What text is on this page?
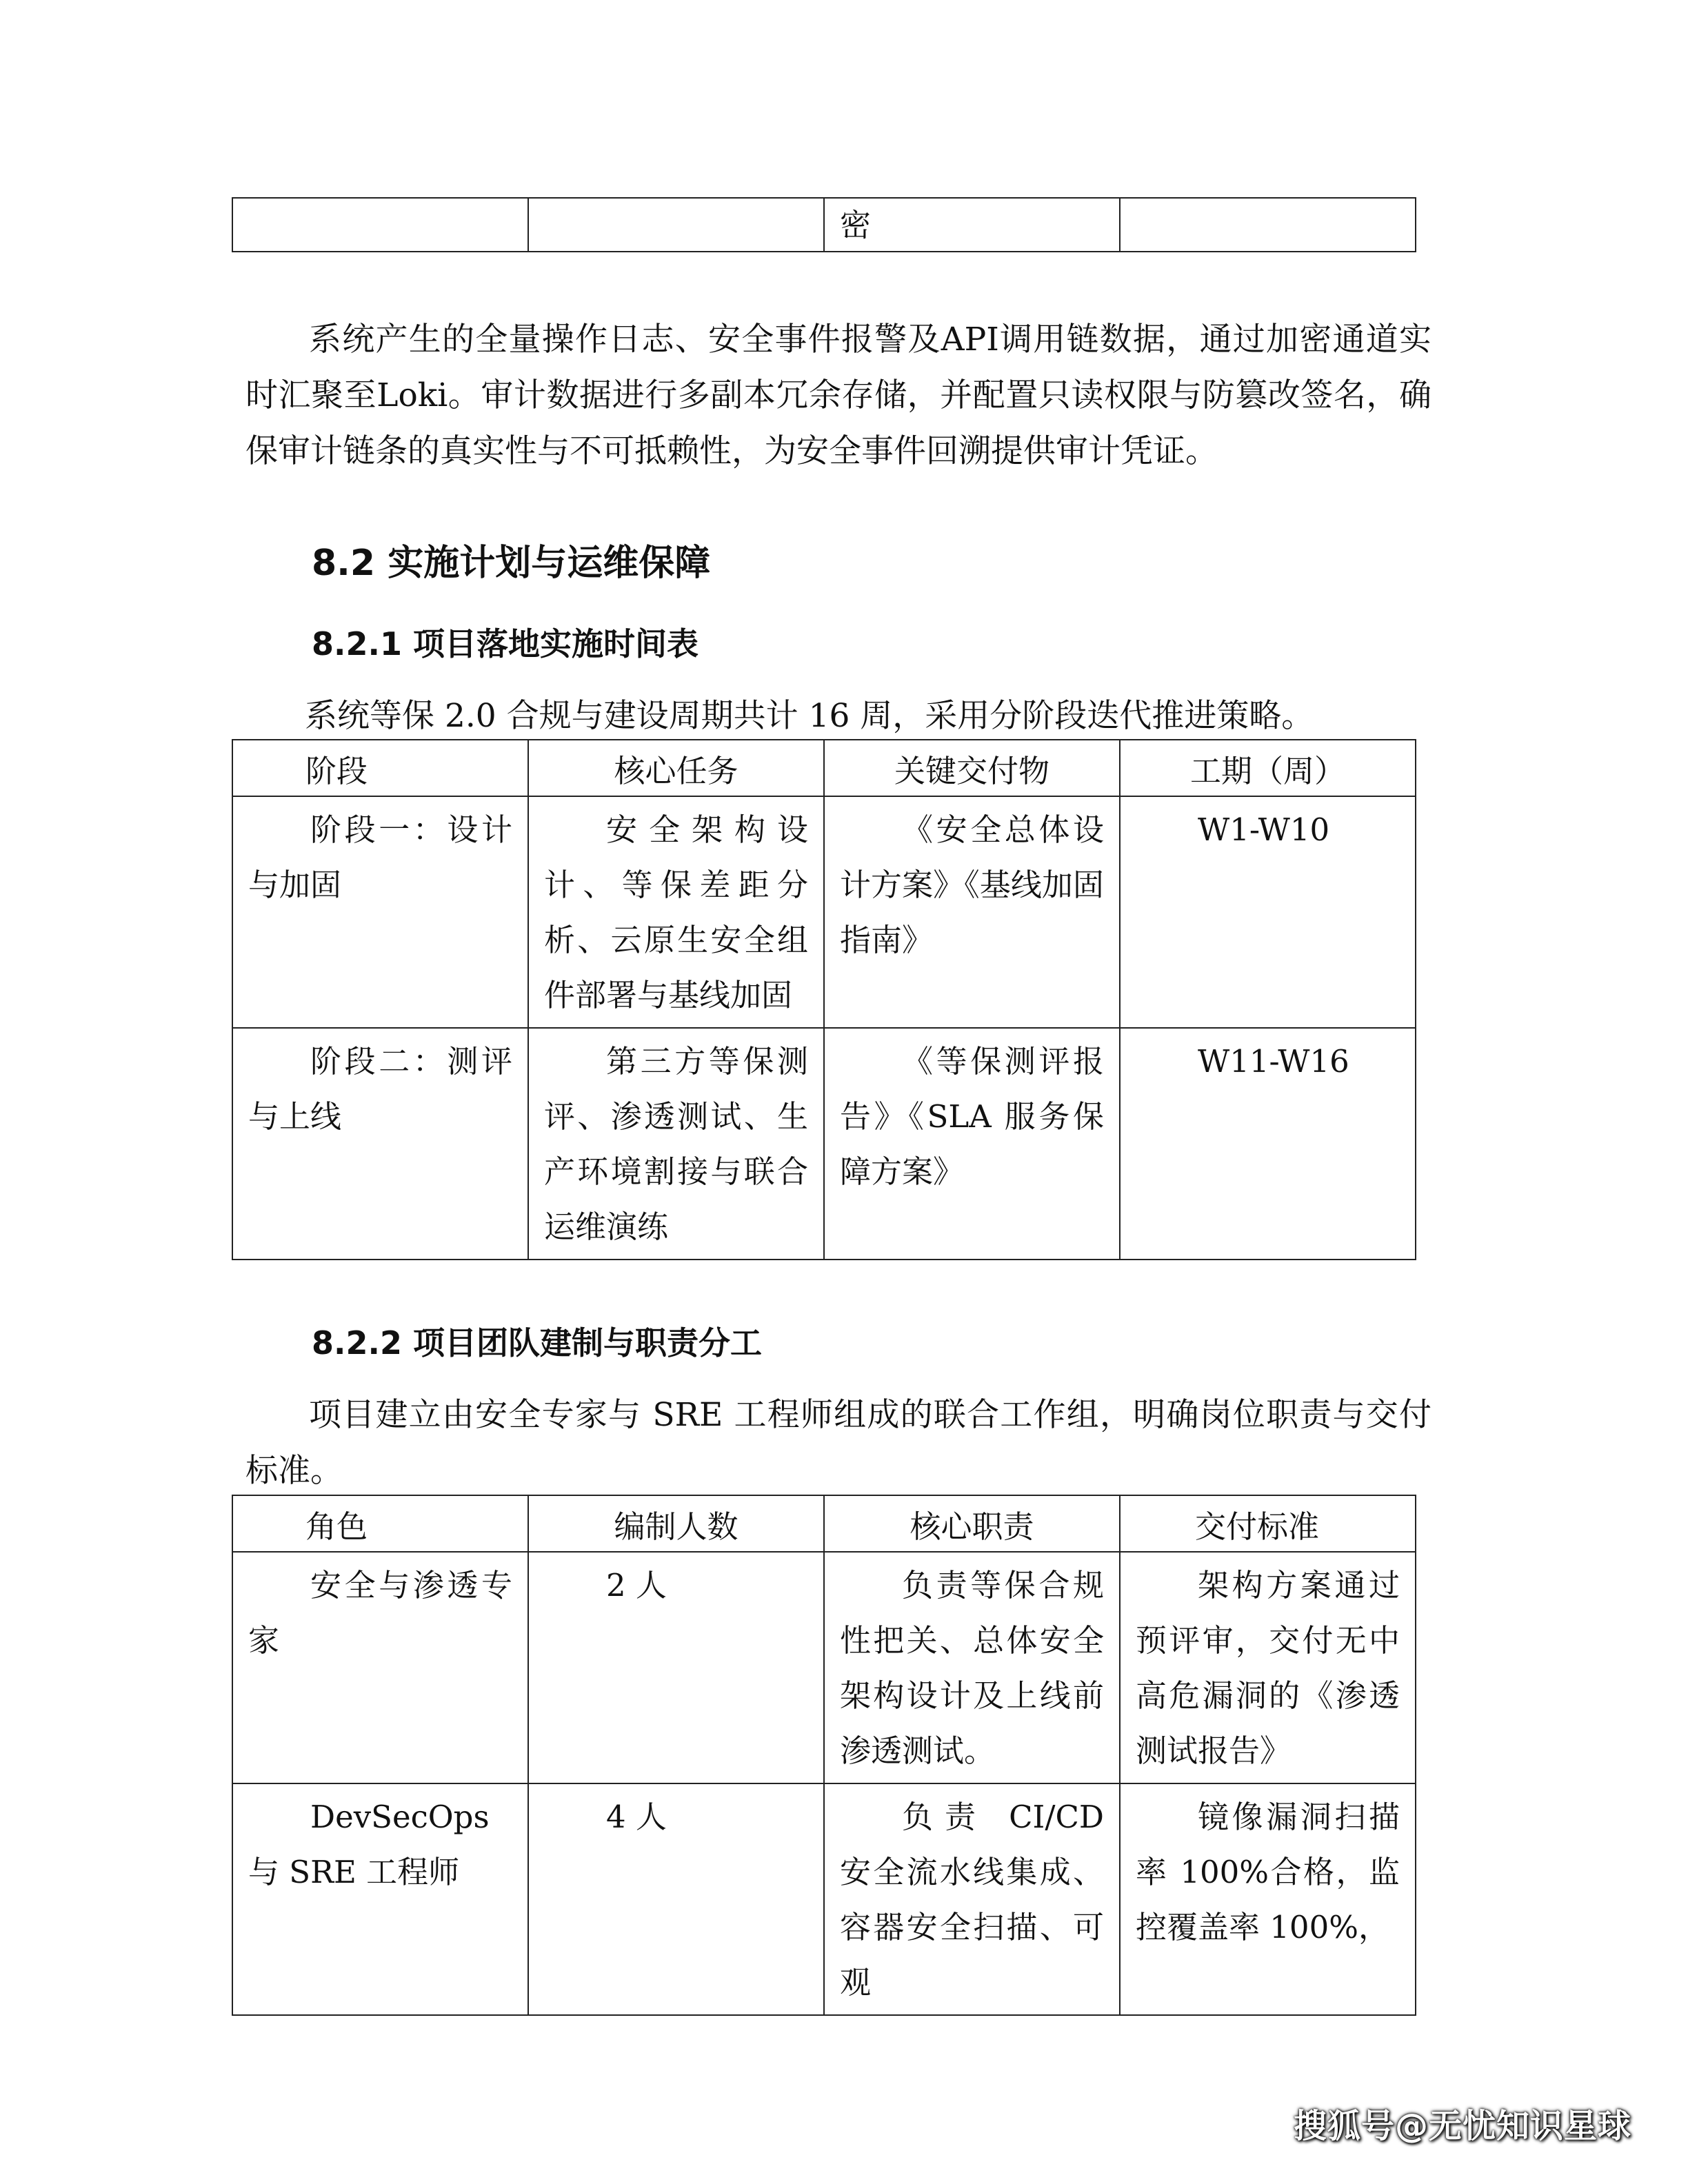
		密	

系统产生的全量操作日志、安全事件报警及API调用链数据，通过加密通道实时汇聚至Loki。审计数据进行多副本冗余存储，并配置只读权限与防篡改签名，确保审计链条的真实性与不可抵赖性，为安全事件回溯提供审计凭证。

8.2 实施计划与运维保障
8.2.1 项目落地实施时间表

系统等保 2.0 合规与建设周期共计 16 周，采用分阶段迭代推进策略。

阶段	核心任务	关键交付物	工期（周）
阶段一：设计与加固	安全架构设计、等保差距分析、云原生安全组件部署与基线加固	《安全总体设计方案》《基线加固指南》	W1-W10
阶段二：测评与上线	第三方等保测评、渗透测试、生产环境割接与联合运维演练	《等保测评报告》《SLA 服务保障方案》	W11-W16
8.2.2 项目团队建制与职责分工

项目建立由安全专家与 SRE 工程师组成的联合工作组，明确岗位职责与交付标准。

角色	编制人数	核心职责	交付标准
安全与渗透专家	2 人	负责等保合规性把关、总体安全架构设计及上线前渗透测试。	架构方案通过预评审，交付无中高危漏洞的《渗透测试报告》
DevSecOps 与 SRE 工程师	4 人	负责 CI/CD 安全流水线集成、容器安全扫描、可观	镜像漏洞扫描率 100%合格，监控覆盖率 100%，
搜狐号@无忧知识星球
